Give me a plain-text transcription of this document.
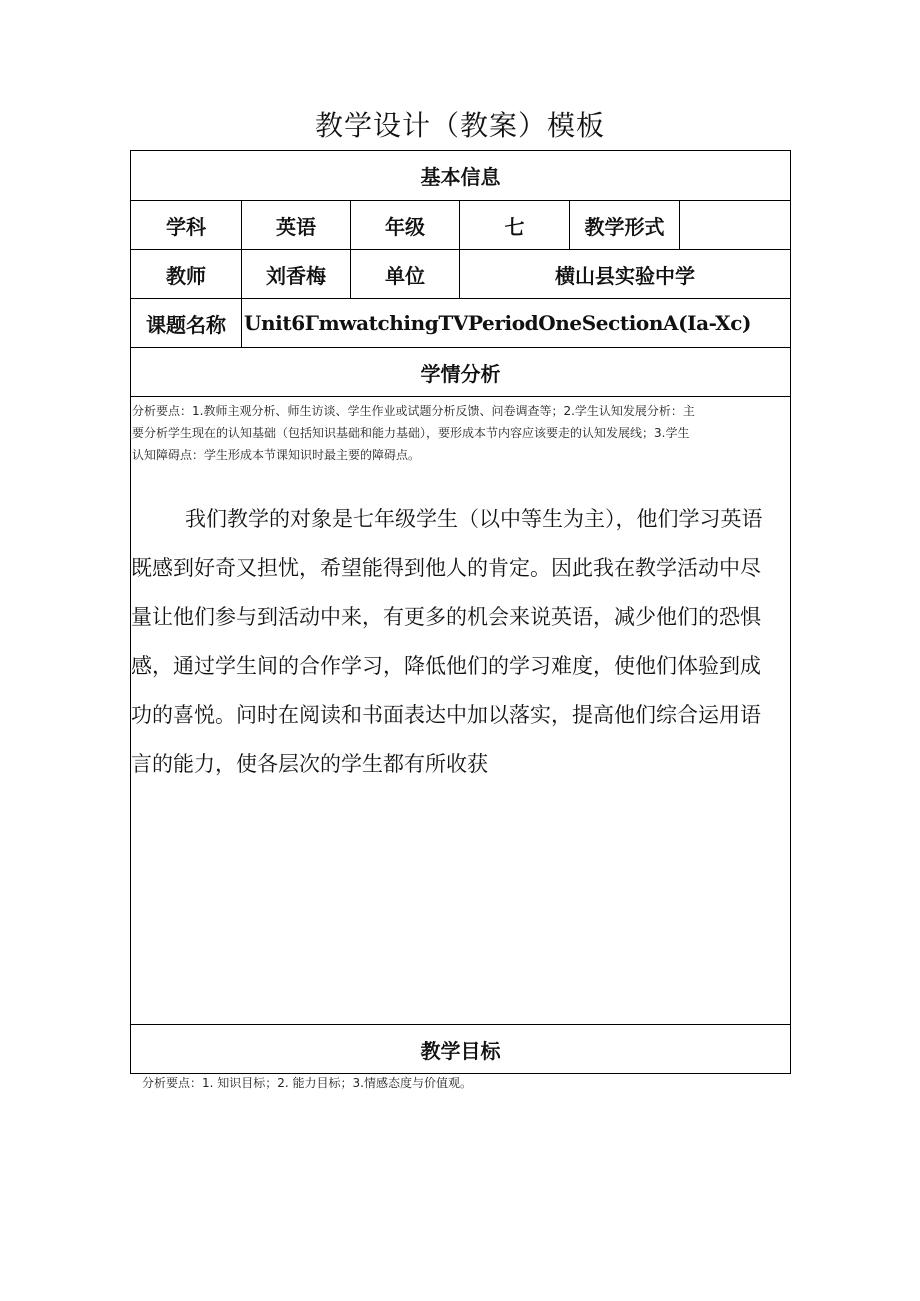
教学设计（教案）模板
基本信息
学科	英语	年级	七	教学形式
教师	刘香梅	单位	横山县实验中学
课题名称 Unit6ΓmwatchingTVPeriodOneSectionA(Ia-Xc)
学情分析
分析要点：1.教师主观分析、师生访谈、学生作业或试题分析反馈、问卷调查等；2.学生认知发展分析：主
要分析学生现在的认知基础（包括知识基础和能力基础），要形成本节内容应该要走的认知发展线；3.学生
认知障碍点：学生形成本节课知识时最主要的障碍点。
我们教学的对象是七年级学生（以中等生为主），他们学习英语
既感到好奇又担忧，希望能得到他人的肯定。因此我在教学活动中尽
量让他们参与到活动中来，有更多的机会来说英语，减少他们的恐惧
感，通过学生间的合作学习，降低他们的学习难度，使他们体验到成
功的喜悦。问时在阅读和书面表达中加以落实，提高他们综合运用语
言的能力，使各层次的学生都有所收获
教学目标
分析要点：1. 知识目标；2. 能力目标；3.情感态度与价值观。
